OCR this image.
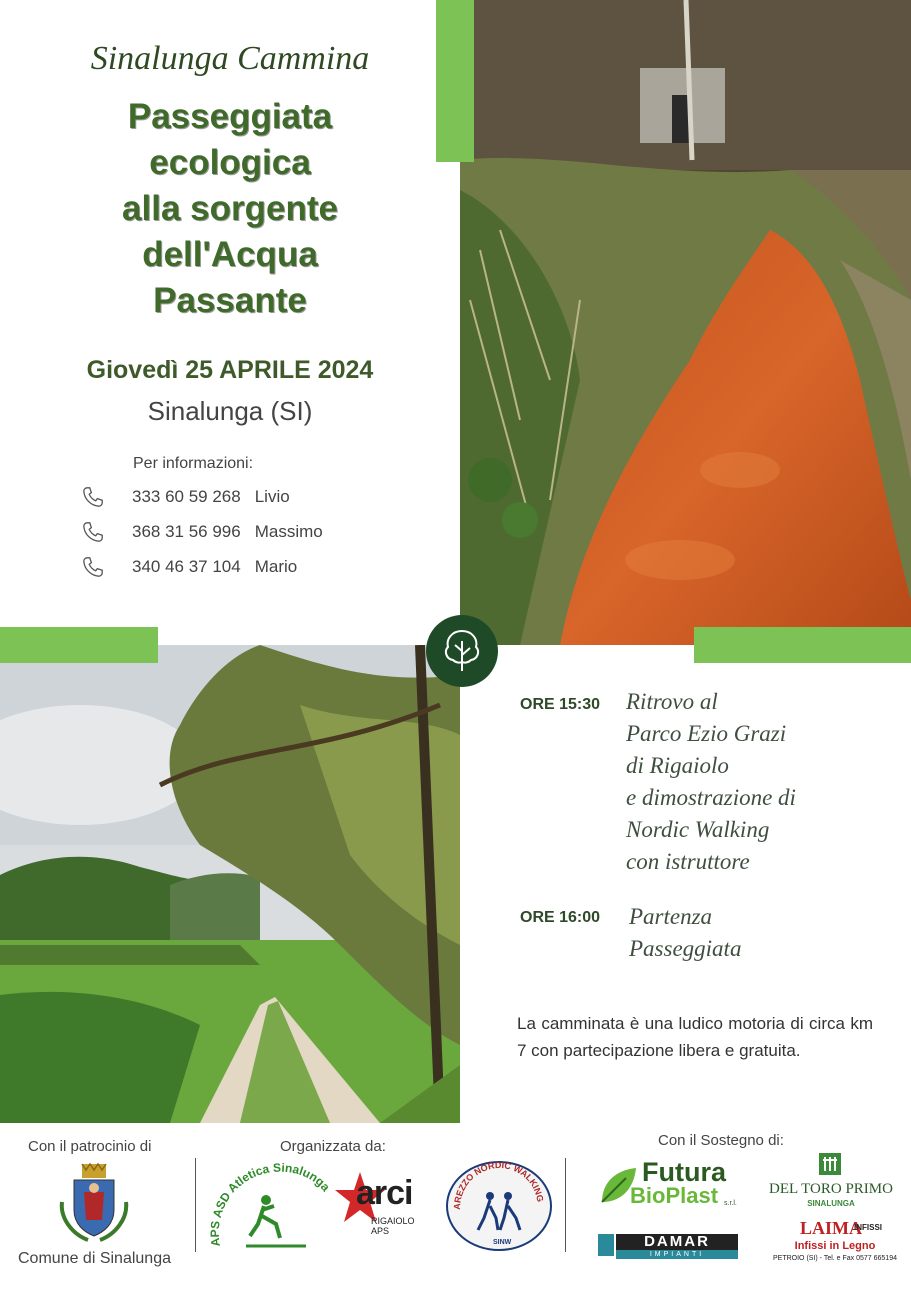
Sinalunga Cammina
Passeggiata
ecologica
alla sorgente
dell'Acqua
Passante
Giovedì 25 APRILE 2024
Sinalunga (SI)
Per informazioni:
333 60 59 268 Livio
368 31 56 996 Massimo
340 46 37 104 Mario
ORE 15:30 Ritrovo al
Parco Ezio Grazi
di Rigaiolo
e dimostrazione di
Nordic Walking
con istruttore
ORE 16:00 Partenza
Passeggiata
La camminata è una ludico motoria di circa km 7 con partecipazione libera e gratuita.
Con il patrocinio di
Comune di Sinalunga
Organizzata da:
APS ASD Atletica Sinalunga arci
RIGAIOLO APS
AREZZO NORDIC WALKING
SINW
Con il Sostegno di:
Futura
BioPlast s.r.l.
DEL TORO PRIMO
SINALUNGA
DAMAR
IMPIANTI
LAIMA
INFISSI
Infissi in Legno
PETROIO (SI) - Tel. e Fax 0577 665194
